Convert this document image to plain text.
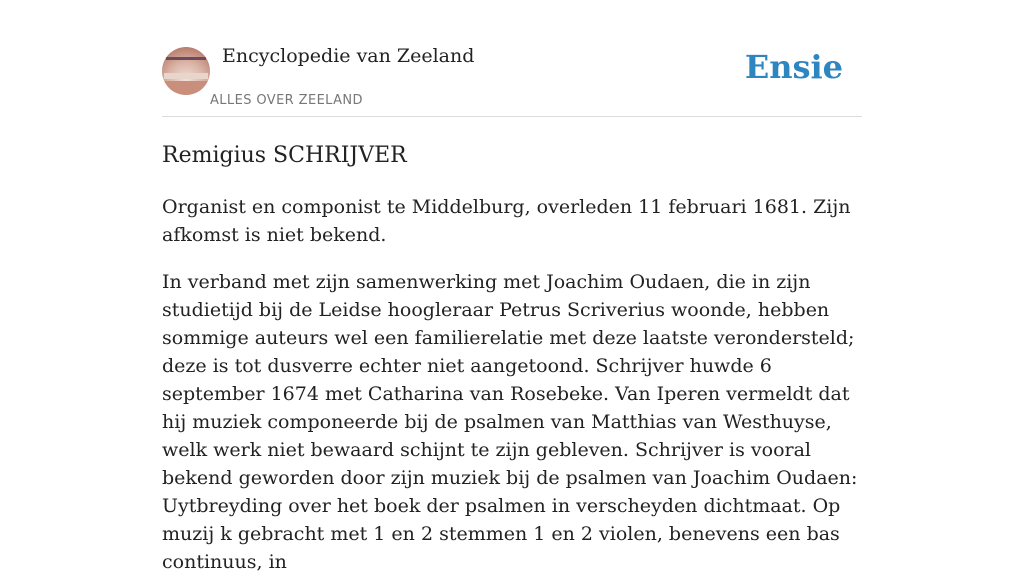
Encyclopedie van Zeeland
ALLES OVER ZEELAND
Ensie
Remigius SCHRIJVER

Organist en componist te Middelburg, overleden 11 februari 1681. Zijn afkomst is niet bekend.

In verband met zijn samenwerking met Joachim Oudaen, die in zijn studietijd bij de Leidse hoogleraar Petrus Scriverius woonde, hebben sommige auteurs wel een familierelatie met deze laatste verondersteld; deze is tot dusverre echter niet aangetoond. Schrijver huwde 6 september 1674 met Catharina van Rosebeke. Van Iperen vermeldt dat hij muziek componeerde bij de psalmen van Matthias van Westhuyse, welk werk niet bewaard schijnt te zijn gebleven. Schrijver is vooral bekend geworden door zijn muziek bij de psalmen van Joachim Oudaen: Uytbreyding over het boek der psalmen in verscheyden dichtmaat. Op muzij k gebracht met 1 en 2 stemmen 1 en 2 violen, benevens een bas continuus, in
